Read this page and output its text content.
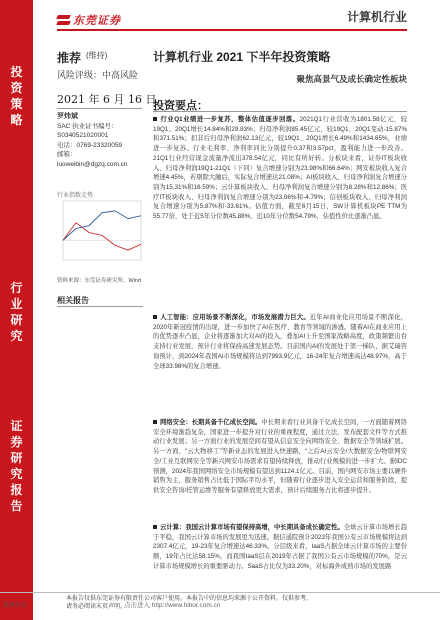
东莞证券	计算机行业
投
资
策
略
行
业
研
究
证
券
研
究
报
告
推荐 (维持)
风险评级：中高风险
2021 年 6 月 16 日
罗炜斌
SAC 执业证书编号：
S0340521020001
电话：0769-23320059
邮箱：
luoweibin@dgzq.com.cn
行业指数走势
资料来源：东莞证券研究所，Wind
相关报告
计算机行业 2021 下半年投资策略
聚焦高景气及成长确定性板块
投资要点：
行业Q1业绩进一步复苏，整体估值逐步回落。2021Q1行业营收为1801.58亿元，较19Q1、20Q1增长14.84%和29.83%；归母净利润85.45亿元，较19Q1、20Q1变动-15.87%和371.51%；扣非后归母净利润62.13亿元，较19Q1、20Q1增长6.49%和1434.65%，业绩进一步复苏。行业毛利率、净利率同比分别提升0.37和3.57pct，盈利能力进一步改善。21Q1行业经营现金流量净流出378.54亿元，同比有所好转。分板块来看，证券IT板块收入、归母净利润19Q1-21Q1（下同）复合增速分别为23.98%和66.64%；网安板块收入复合增速4.45%，若剔除大融后，实际复合增速达21.08%；AI板块收入、归母净利润复合增速分别为15.31%和16.59%；云计算板块收入、归母净利润复合增速分别为8.28%和12.86%；医疗IT板块收入、归母净利润复合增速分别为23.06%和-4.79%；信创板块收入、归母净利润复合增速分别为5.87%和-33.61%。估值方面，截至6月15日，SW计算机板块PE TTM为55.77倍，处于近5年分位数45.88%、近10年分位数54.79%，估值性价比逐渐凸显。
人工智能：应用场景不断深化，市场发展潜力巨大。近年AI商业化应用场景不断深化，2020年新冠疫情的出现，进一步加快了AI在医疗、教育等领域的渗透。随着AI在商业应用上的优势逐步凸显，企业将逐渐加大对AI的投入，叠加AI上升至国家战略高度，政策频繁出台支持行业发展，预计行业将保持高速发展态势。目前国内AI的发展处于第一梯队，据艾瑞咨询预计，到2024年我国AI市场规模将达到7993.9亿元，16-24年复合增速高达48.97%，高于全球33.98%的复合增速。
网络安全：长期具备千亿成长空间。中长期来看行业具备千亿成长空间，一方面随着网络安全环境渐趋复杂，国家进一步提升对行业的重视程度，通过立法、发布配套文件等方式推动行业发展；另一方面行业的发展空间有望从信息安全向网络安全、数据安全等领域扩展。另一方面，“云大物移工”等新业态的发展进入快速路，“之后AI云安全/大数据安全/物联网安全/工业互联网安全等新兴网安市场需求有望持续释放，推动行业规模的进一步扩大。据IDC预测，2024年我国网络安全市场规模有望达到1124.1亿元。目前，国内网安市场主要以硬件销售为主，服务销售占比低于国际平均水平，但随着行业逐步进入安全运营和服务阶段，提供安全咨询/托管运维等服务有望释放更大需求，预计后续服务占比将逐步提升。
云计算：我国云计算市场有望保持高增，中长期具备成长确定性。全球云计算市场增长趋于平稳，我国云计算市场的发展更为迅速。据信通院预计2023年我国公有云市场规模将达到2307.4亿元，19-23年复合增速达46.33%。分层级来看，IaaS占据全球云计算市场的主要份额，19年占比达58.15%，而我国IaaS层在2019年占据了我国公有云市场规模的70%，是云计算市场规模增长的重要驱动力。SaaS占比仅为33.20%，对标海外成熟市场的发展路
本报告仅供东莞证券有限责任公司客户使用。本报告中的信息均来源于公开资料，仅供参考，
请务必阅读末页声明。
慧博资讯	点击进入 http://www.hibor.com.cn
